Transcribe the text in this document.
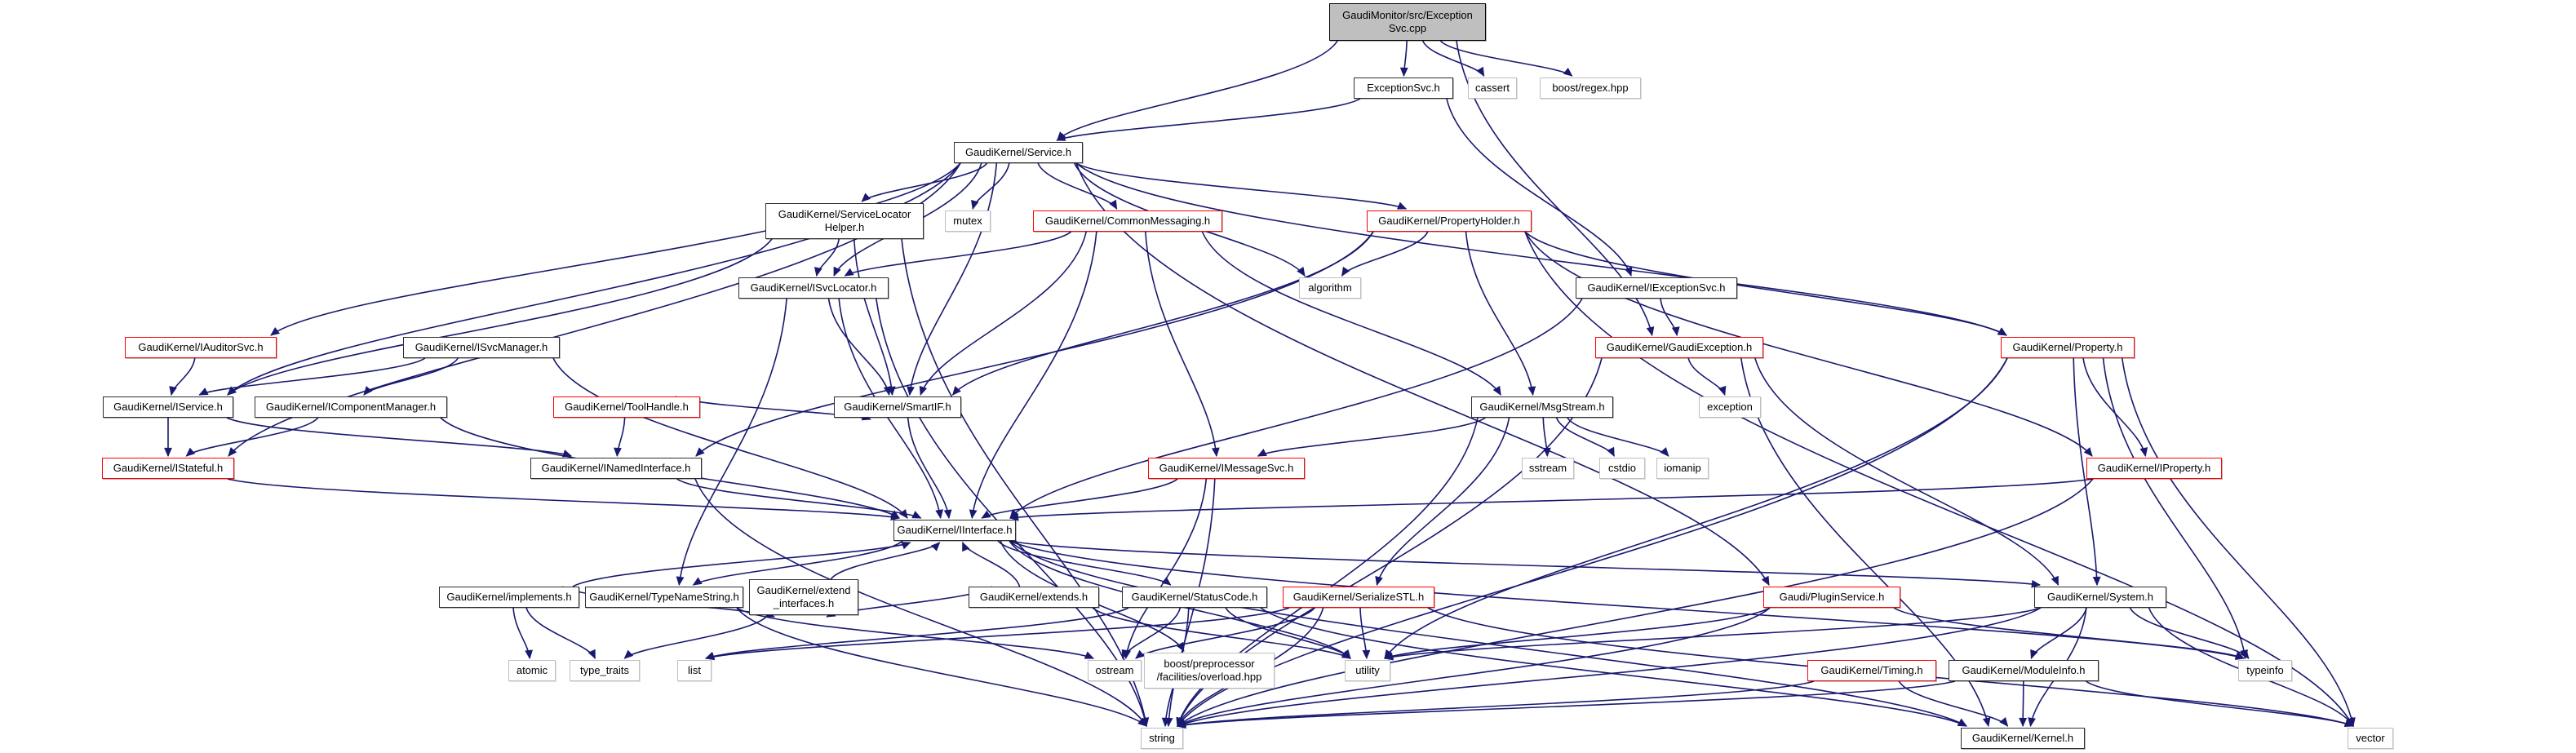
GaudiMonitor/src/Exception
Svc.cpp
ExceptionSvc.h	cassert	boost/regex.hpp
GaudiKernel/Service.h
GaudiKernel/ServiceLocator
Helper.h
mutex	GaudiKernel/CommonMessaging.h	GaudiKernel/PropertyHolder.h
GaudiKernel/ISvcLocator.h	algorithm	GaudiKernel/IExceptionSvc.h
GaudiKernel/IAuditorSvc.h	GaudiKernel/ISvcManager.h	GaudiKernel/GaudiException.h	GaudiKernel/Property.h
GaudiKernel/IService.h	GaudiKernel/IComponentManager.h	GaudiKernel/ToolHandle.h	GaudiKernel/SmartIF.h	GaudiKernel/MsgStream.h	exception
GaudiKernel/IStateful.h	GaudiKernel/INamedInterface.h	GaudiKernel/IMessageSvc.h	sstream	cstdio	iomanip	GaudiKernel/IProperty.h
GaudiKernel/IInterface.h
GaudiKernel/implements.h GaudiKernel/TypeNameString.h
GaudiKernel/extend
_interfaces.h
GaudiKernel/extends.h	GaudiKernel/StatusCode.h	GaudiKernel/SerializeSTL.h	Gaudi/PluginService.h	GaudiKernel/System.h
atomic	type_traits	list	ostream
boost/preprocessor
/facilities/overload.hpp
utility	GaudiKernel/Timing.h	GaudiKernel/ModuleInfo.h	typeinfo
string	GaudiKernel/Kernel.h	vector
